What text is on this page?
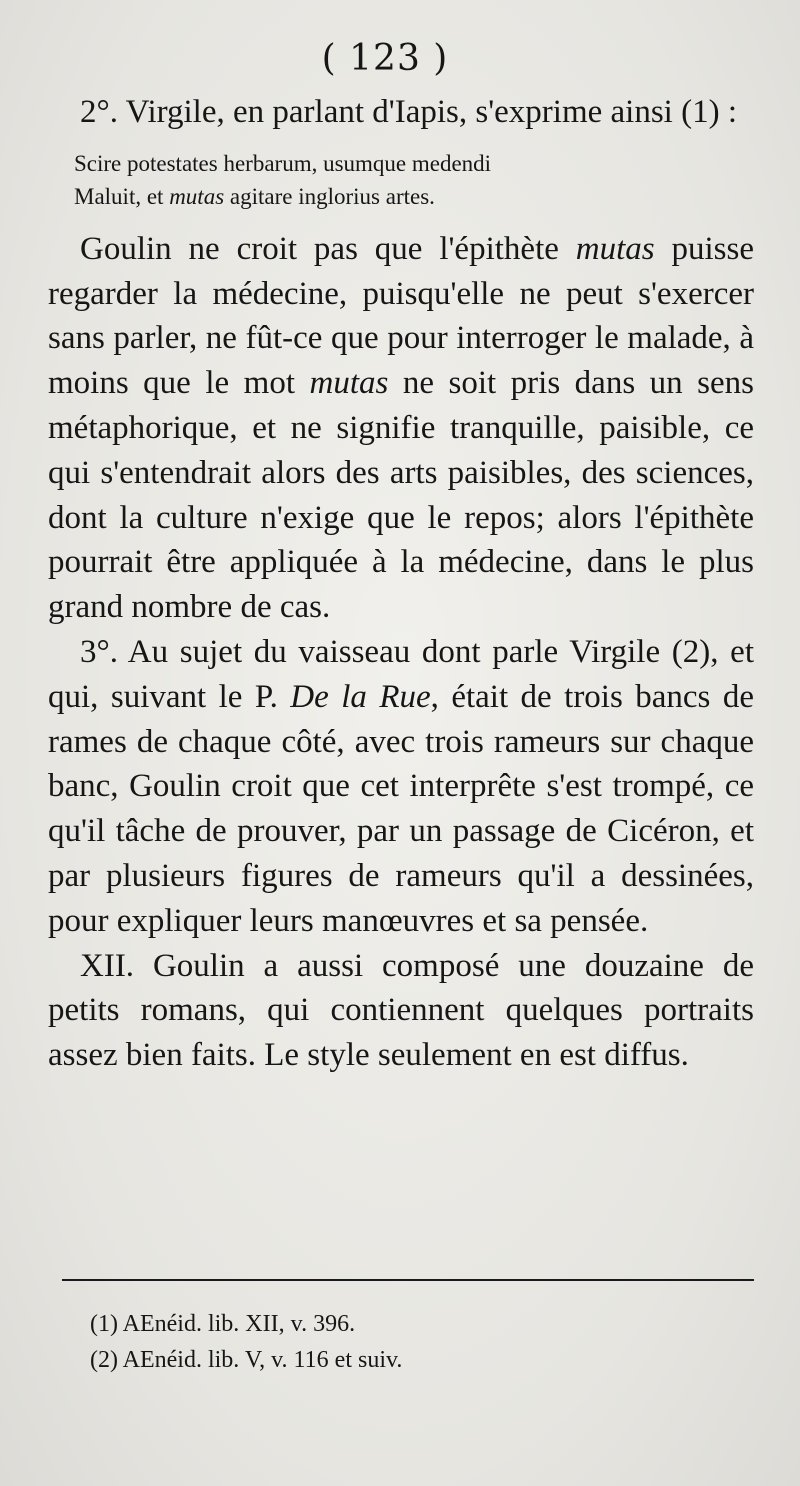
( 123 )

2°. Virgile, en parlant d'Iapis, s'exprime ainsi (1) :

Scire potestates herbarum, usumque medendi
Maluit, et mutas agitare inglorius artes.

Goulin ne croit pas que l'épithète mutas puisse regarder la médecine, puisqu'elle ne peut s'exercer sans parler, ne fût-ce que pour interroger le malade, à moins que le mot mutas ne soit pris dans un sens métaphorique, et ne signifie tranquille, paisible, ce qui s'entendrait alors des arts paisibles, des sciences, dont la culture n'exige que le repos; alors l'épithète pourrait être appliquée à la médecine, dans le plus grand nombre de cas.

3°. Au sujet du vaisseau dont parle Virgile (2), et qui, suivant le P. De la Rue, était de trois bancs de rames de chaque côté, avec trois rameurs sur chaque banc, Goulin croit que cet interprête s'est trompé, ce qu'il tâche de prouver, par un passage de Cicéron, et par plusieurs figures de rameurs qu'il a dessinées, pour expliquer leurs manœuvres et sa pensée.

XII. Goulin a aussi composé une douzaine de petits romans, qui contiennent quelques portraits assez bien faits. Le style seulement en est diffus.

(1) AEnéid. lib. XII, v. 396.
(2) AEnéid. lib. V, v. 116 et suiv.
